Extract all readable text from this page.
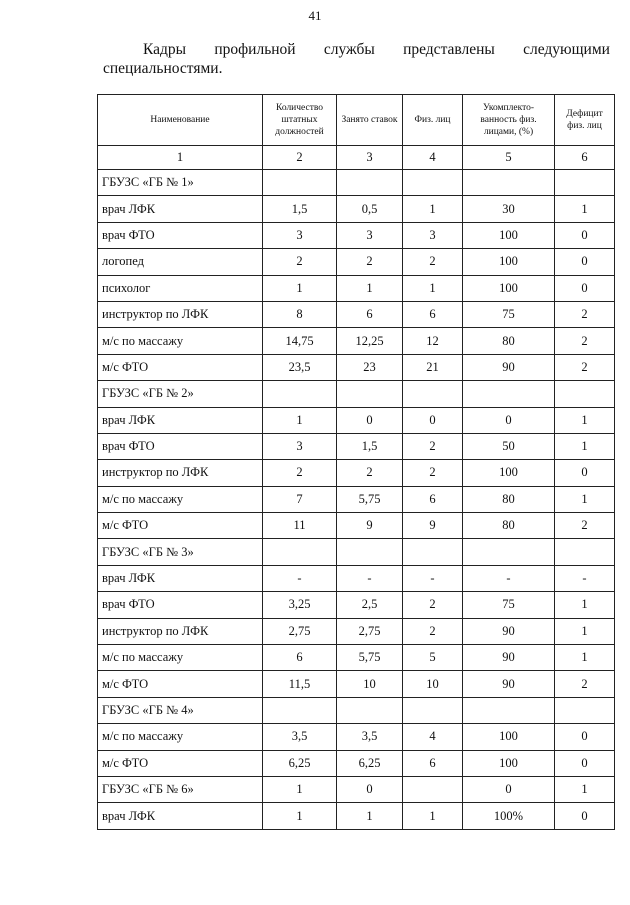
41
Кадры профильной службы представлены следующими
специальностями.
Наименование	Количество штатных должностей	Занято ставок	Физ. лиц	Укомплекто- ванность физ. лицами, (%)	Дефицит физ. лиц
1	2	3	4	5	6
ГБУЗС «ГБ № 1»					
врач ЛФК	1,5	0,5	1	30	1
врач ФТО	3	3	3	100	0
логопед	2	2	2	100	0
психолог	1	1	1	100	0
инструктор по ЛФК	8	6	6	75	2
м/с по массажу	14,75	12,25	12	80	2
м/с ФТО	23,5	23	21	90	2
ГБУЗС «ГБ № 2»					
врач ЛФК	1	0	0	0	1
врач ФТО	3	1,5	2	50	1
инструктор по ЛФК	2	2	2	100	0
м/с по массажу	7	5,75	6	80	1
м/с ФТО	11	9	9	80	2
ГБУЗС «ГБ № 3»					
врач ЛФК	-	-	-	-	-
врач ФТО	3,25	2,5	2	75	1
инструктор по ЛФК	2,75	2,75	2	90	1
м/с по массажу	6	5,75	5	90	1
м/с ФТО	11,5	10	10	90	2
ГБУЗС «ГБ № 4»					
м/с по массажу	3,5	3,5	4	100	0
м/с ФТО	6,25	6,25	6	100	0
ГБУЗС «ГБ № 6»	1	0		0	1
врач ЛФК	1	1	1	100%	0
